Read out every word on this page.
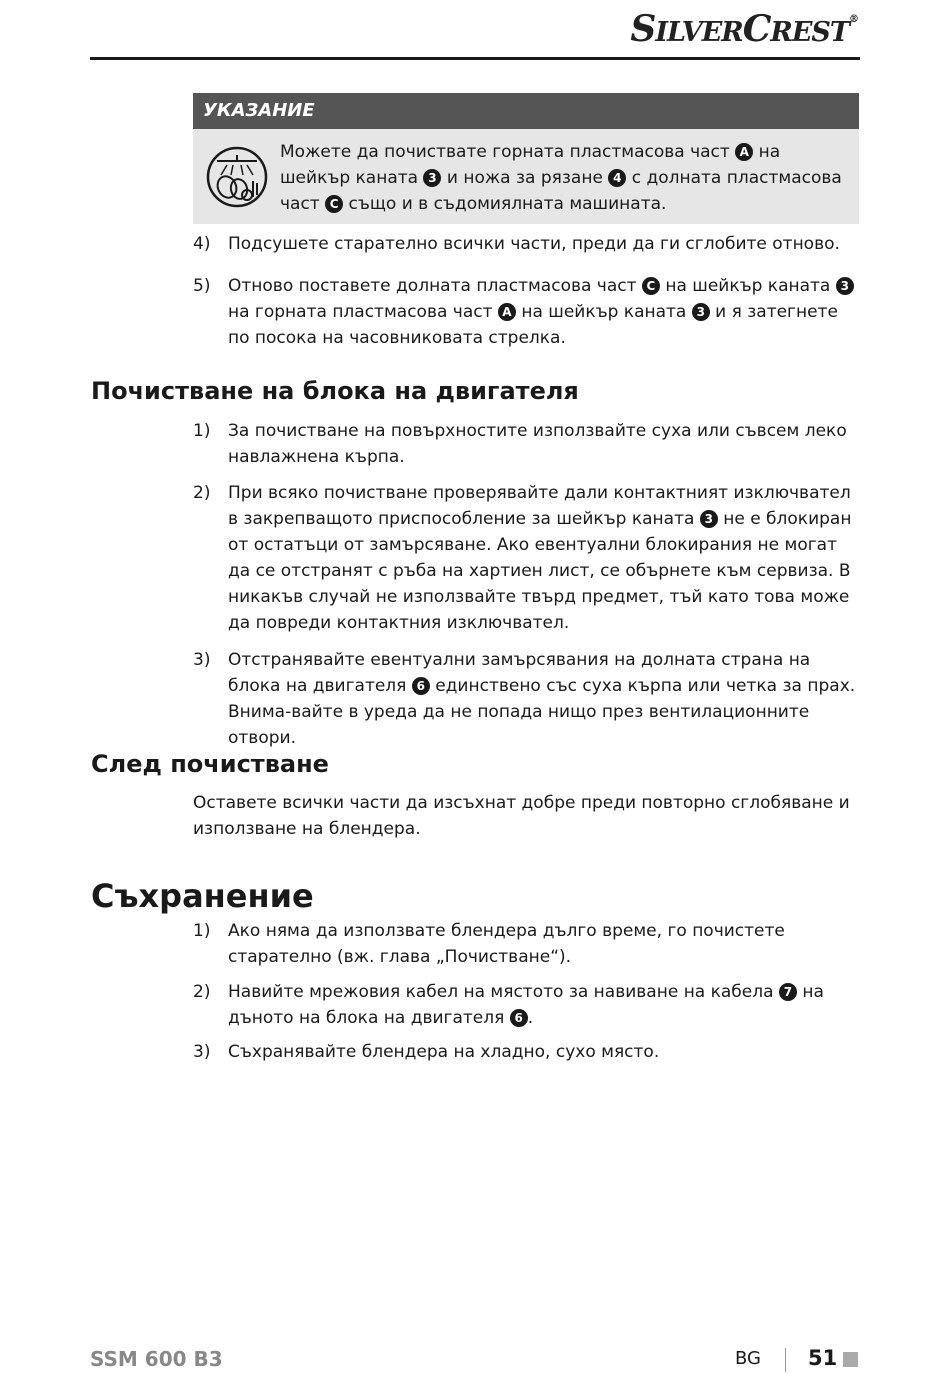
SILVERCREST®
УКАЗАНИЕ
Можете да почиствате горната пластмасова част A на шейкър каната 3 и ножа за рязане 4 с долната пластмасова част C също и в съдомиялната машината.
4) Подсушете старателно всички части, преди да ги сглобите отново.
5) Отново поставете долната пластмасова част C на шейкър каната 3 на горната пластмасова част A на шейкър каната 3 и я затегнете по посока на часовниковата стрелка.
Почистване на блока на двигателя
1) За почистване на повърхностите използвайте суха или съвсем леко навлажнена кърпа.
2) При всяко почистване проверявайте дали контактният изключвател в закрепващото приспособление за шейкър каната 3 не е блокиран от остатъци от замърсяване. Ако евентуални блокирания не могат да се отстранят с ръба на хартиен лист, се обърнете към сервиза. В никакъв случай не използвайте твърд предмет, тъй като това може да повреди контактния изключвател.
3) Отстранявайте евентуални замърсявания на долната страна на блока на двигателя 6 единствено със суха кърпа или четка за прах. Внима-вайте в уреда да не попада нищо през вентилационните отвори.
След почистване
Оставете всички части да изсъхнат добре преди повторно сглобяване и използване на блендера.
Съхранение
1) Ако няма да използвате блендера дълго време, го почистете старателно (вж. глава „Почистване“).
2) Навийте мрежовия кабел на мястото за навиване на кабела 7 на дъното на блока на двигателя 6 .
3) Съхранявайте блендера на хладно, сухо място.
SSM 600 B3	BG 51
